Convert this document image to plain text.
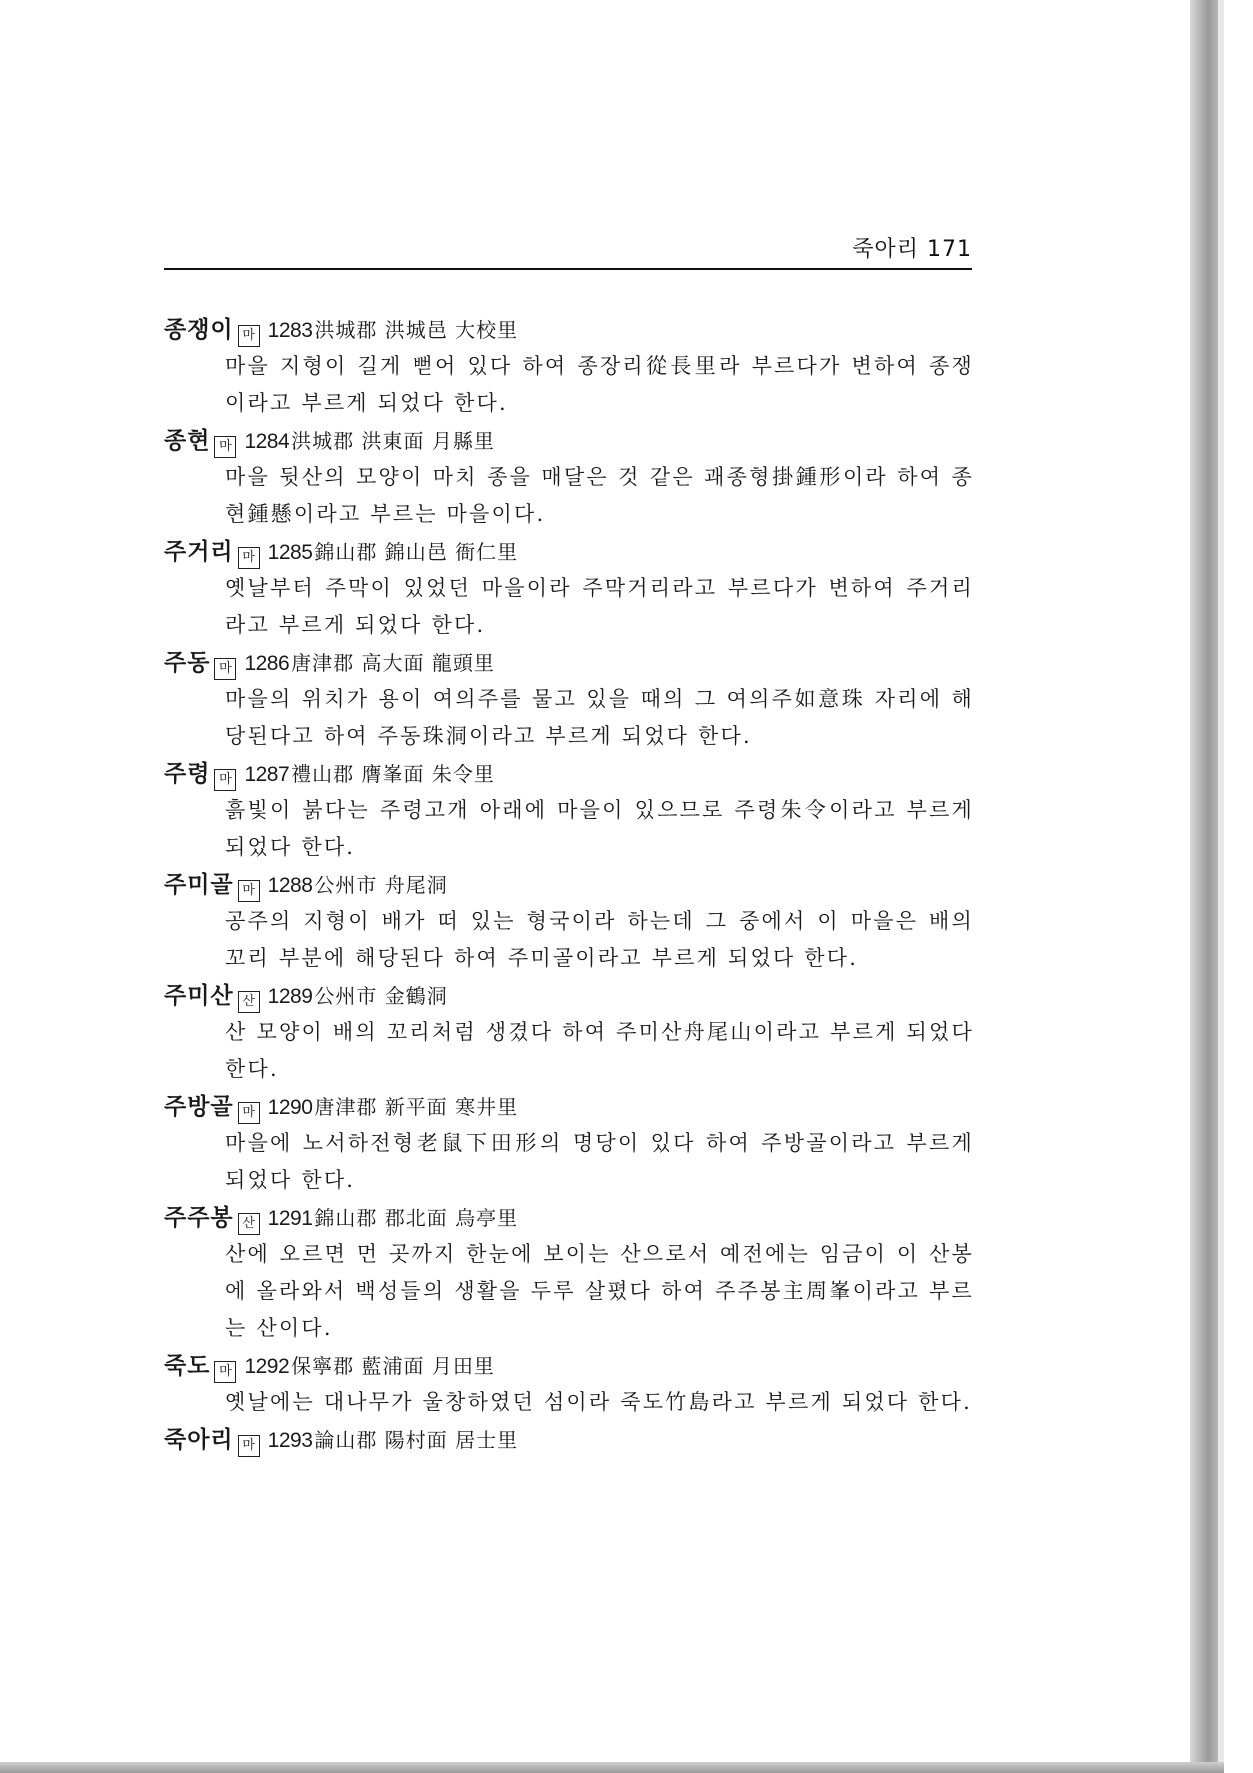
죽아리 171
종쟁이 마 1283 洪城郡 洪城邑 大校里
마을 지형이 길게 뻗어 있다 하여 종장리從長里라 부르다가 변하여 종쟁이라고 부르게 되었다 한다.
종현 마 1284 洪城郡 洪東面 月縣里
마을 뒷산의 모양이 마치 종을 매달은 것 같은 괘종형掛鍾形이라 하여 종현鍾懸이라고 부르는 마을이다.
주거리 마 1285 錦山郡 錦山邑 衙仁里
옛날부터 주막이 있었던 마을이라 주막거리라고 부르다가 변하여 주거리라고 부르게 되었다 한다.
주동 마 1286 唐津郡 高大面 龍頭里
마을의 위치가 용이 여의주를 물고 있을 때의 그 여의주如意珠 자리에 해당된다고 하여 주동珠洞이라고 부르게 되었다 한다.
주령 마 1287 禮山郡 膺峯面 朱令里
흙빛이 붉다는 주령고개 아래에 마을이 있으므로 주령朱令이라고 부르게 되었다 한다.
주미골 마 1288 公州市 舟尾洞
공주의 지형이 배가 떠 있는 형국이라 하는데 그 중에서 이 마을은 배의 꼬리 부분에 해당된다 하여 주미골이라고 부르게 되었다 한다.
주미산 산 1289 公州市 金鶴洞
산 모양이 배의 꼬리처럼 생겼다 하여 주미산舟尾山이라고 부르게 되었다 한다.
주방골 마 1290 唐津郡 新平面 寒井里
마을에 노서하전형老鼠下田形의 명당이 있다 하여 주방골이라고 부르게 되었다 한다.
주주봉 산 1291 錦山郡 郡北面 烏亭里
산에 오르면 먼 곳까지 한눈에 보이는 산으로서 예전에는 임금이 이 산봉에 올라와서 백성들의 생활을 두루 살폈다 하여 주주봉主周峯이라고 부르는 산이다.
죽도 마 1292 保寧郡 藍浦面 月田里
옛날에는 대나무가 울창하였던 섬이라 죽도竹島라고 부르게 되었다 한다.
죽아리 마 1293 論山郡 陽村面 居士里
